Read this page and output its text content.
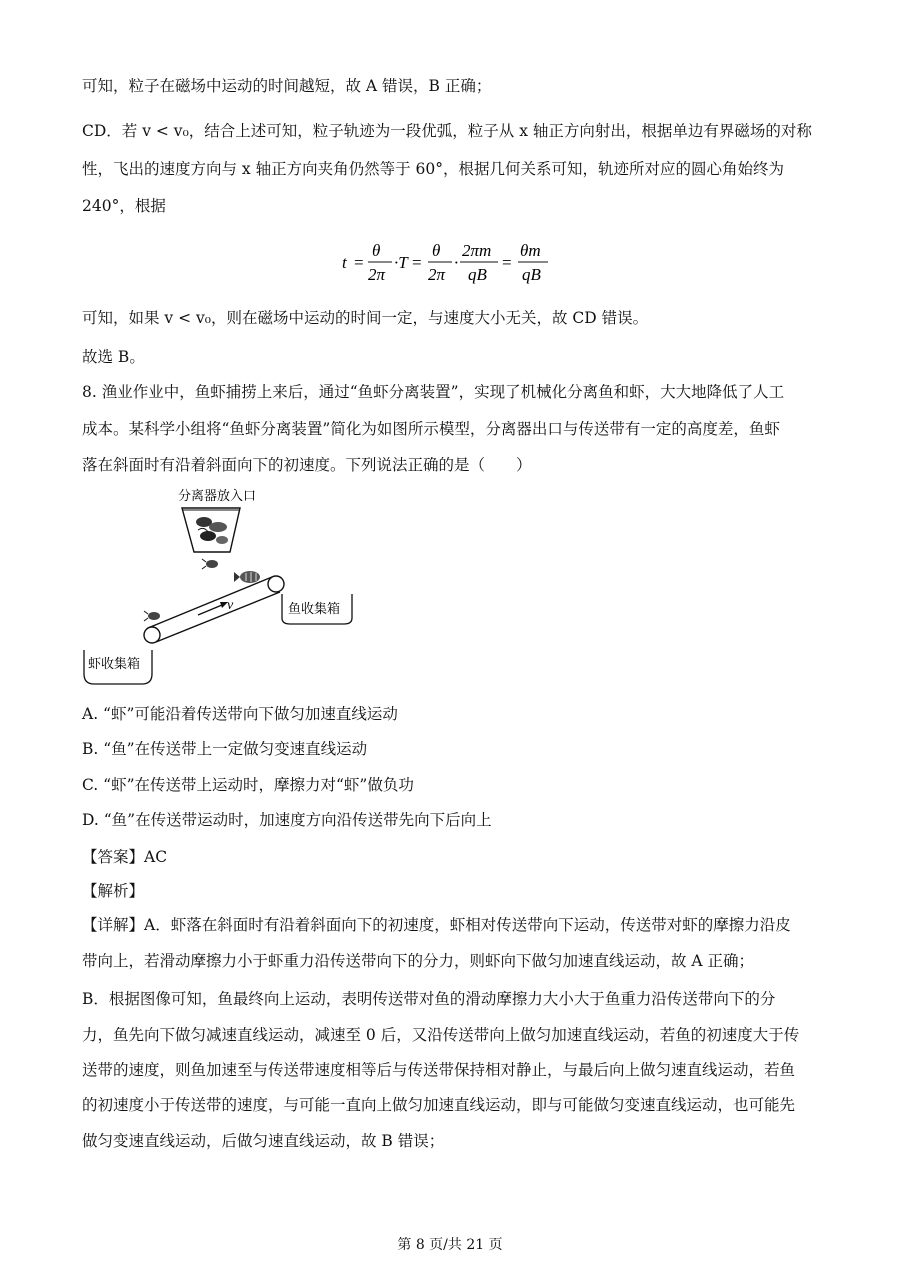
可知，粒子在磁场中运动的时间越短，故 A 错误，B 正确；
CD．若 v < v₀，结合上述可知，粒子轨迹为一段优弧，粒子从 x 轴正方向射出，根据单边有界磁场的对称
性，飞出的速度方向与 x 轴正方向夹角仍然等于 60°，根据几何关系可知，轨迹所对应的圆心角始终为
240°，根据
t =
θ
2π
·T =
θ
2π
·
2πm
qB
=
θm
qB
可知，如果 v < v₀，则在磁场中运动的时间一定，与速度大小无关，故 CD 错误。
故选 B。
8. 渔业作业中，鱼虾捕捞上来后，通过“鱼虾分离装置”，实现了机械化分离鱼和虾，大大地降低了人工
成本。某科学小组将“鱼虾分离装置”简化为如图所示模型，分离器出口与传送带有一定的高度差，鱼虾
落在斜面时有沿着斜面向下的初速度。下列说法正确的是（　　）
分离器放入口
v	鱼收集箱
虾收集箱
A. “虾”可能沿着传送带向下做匀加速直线运动
B. “鱼”在传送带上一定做匀变速直线运动
C. “虾”在传送带上运动时，摩擦力对“虾”做负功
D. “鱼”在传送带运动时，加速度方向沿传送带先向下后向上
【答案】AC
【解析】
【详解】A．虾落在斜面时有沿着斜面向下的初速度，虾相对传送带向下运动，传送带对虾的摩擦力沿皮
带向上，若滑动摩擦力小于虾重力沿传送带向下的分力，则虾向下做匀加速直线运动，故 A 正确；
B．根据图像可知，鱼最终向上运动，表明传送带对鱼的滑动摩擦力大小大于鱼重力沿传送带向下的分
力，鱼先向下做匀减速直线运动，减速至 0 后，又沿传送带向上做匀加速直线运动，若鱼的初速度大于传
送带的速度，则鱼加速至与传送带速度相等后与传送带保持相对静止，与最后向上做匀速直线运动，若鱼
的初速度小于传送带的速度，与可能一直向上做匀加速直线运动，即与可能做匀变速直线运动，也可能先
做匀变速直线运动，后做匀速直线运动，故 B 错误；
第 8 页/共 21 页
